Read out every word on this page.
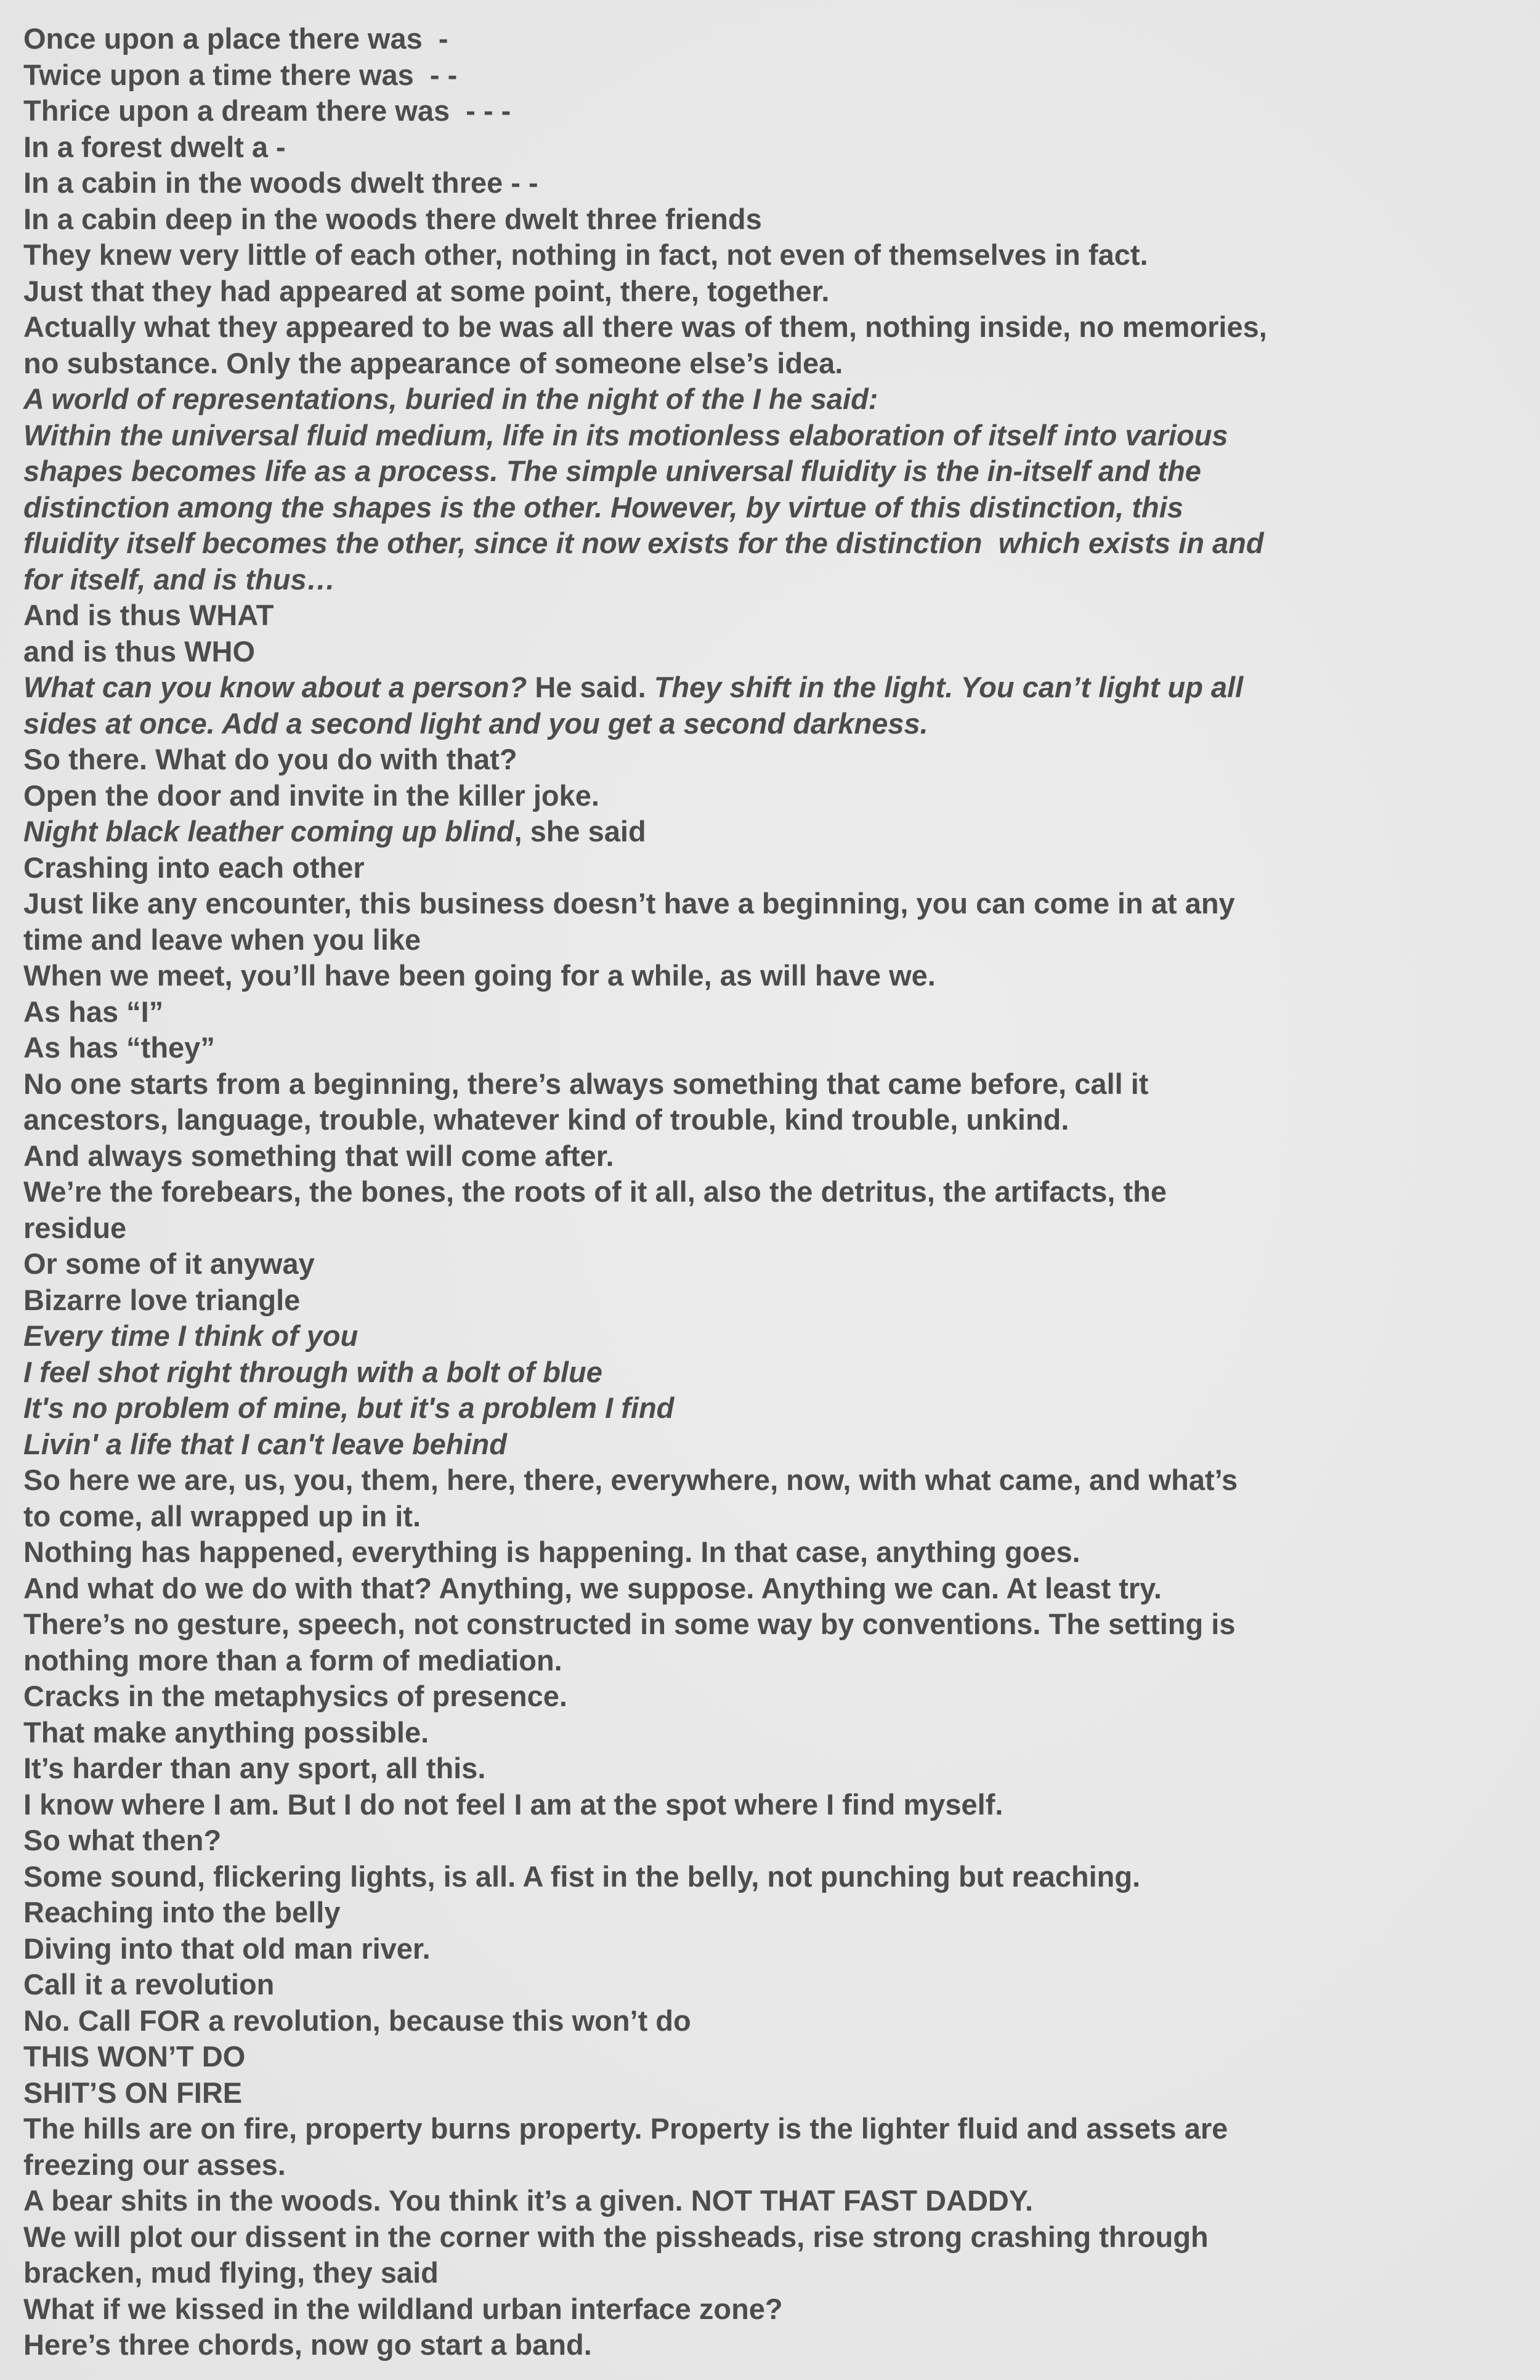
Once upon a place there was  -

Twice upon a time there was  - -

Thrice upon a dream there was  - - -

In a forest dwelt a -

In a cabin in the woods dwelt three - -

In a cabin deep in the woods there dwelt three friends

They knew very little of each other, nothing in fact, not even of themselves in fact.

Just that they had appeared at some point, there, together.

Actually what they appeared to be was all there was of them, nothing inside, no memories,

no substance. Only the appearance of someone else’s idea.

A world of representations, buried in the night of the I he said:

Within the universal fluid medium, life in its motionless elaboration of itself into various

shapes becomes life as a process. The simple universal fluidity is the in-itself and the

distinction among the shapes is the other. However, by virtue of this distinction, this

fluidity itself becomes the other, since it now exists for the distinction  which exists in and

for itself, and is thus…

And is thus WHAT

and is thus WHO

What can you know about a person? He said. They shift in the light. You can’t light up all

sides at once. Add a second light and you get a second darkness.

So there. What do you do with that?

Open the door and invite in the killer joke.

Night black leather coming up blind, she said

Crashing into each other

Just like any encounter, this business doesn’t have a beginning, you can come in at any

time and leave when you like

When we meet, you’ll have been going for a while, as will have we.

As has “I”

As has “they”

No one starts from a beginning, there’s always something that came before, call it

ancestors, language, trouble, whatever kind of trouble, kind trouble, unkind.

And always something that will come after.

We’re the forebears, the bones, the roots of it all, also the detritus, the artifacts, the

residue

Or some of it anyway

Bizarre love triangle

Every time I think of you

I feel shot right through with a bolt of blue

It's no problem of mine, but it's a problem I find

Livin' a life that I can't leave behind

So here we are, us, you, them, here, there, everywhere, now, with what came, and what’s

to come, all wrapped up in it.

Nothing has happened, everything is happening. In that case, anything goes.

And what do we do with that? Anything, we suppose. Anything we can. At least try.

There’s no gesture, speech, not constructed in some way by conventions. The setting is

nothing more than a form of mediation.

Cracks in the metaphysics of presence.

That make anything possible.

It’s harder than any sport, all this.

I know where I am. But I do not feel I am at the spot where I find myself.

So what then?

Some sound, flickering lights, is all. A fist in the belly, not punching but reaching.

Reaching into the belly

Diving into that old man river.

Call it a revolution

No. Call FOR a revolution, because this won’t do

THIS WON’T DO

SHIT’S ON FIRE

The hills are on fire, property burns property. Property is the lighter fluid and assets are

freezing our asses.

A bear shits in the woods. You think it’s a given. NOT THAT FAST DADDY.

We will plot our dissent in the corner with the pissheads, rise strong crashing through

bracken, mud flying, they said

What if we kissed in the wildland urban interface zone?

Here’s three chords, now go start a band.
